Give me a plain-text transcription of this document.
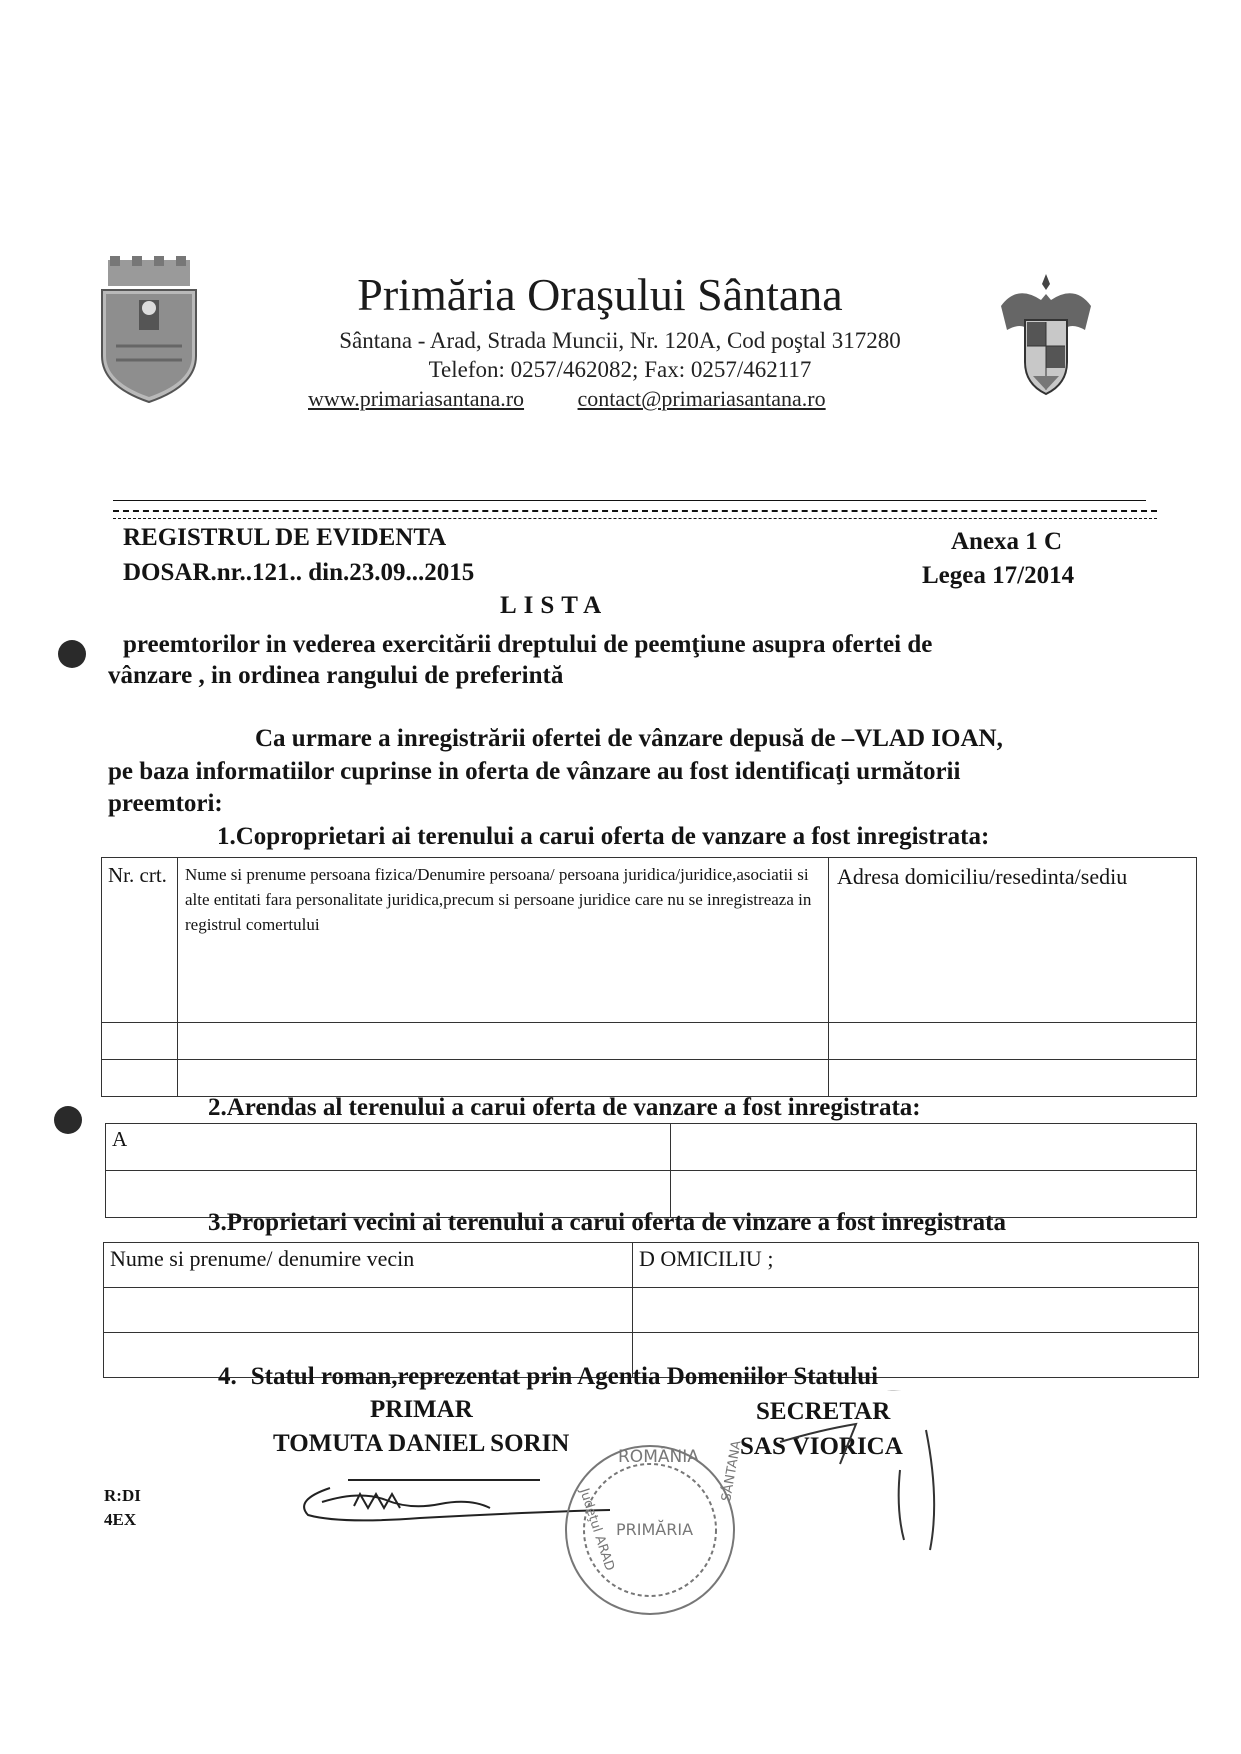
Primăria Oraşului Sântana
Sântana - Arad, Strada Muncii, Nr. 120A, Cod poştal 317280
Telefon: 0257/462082; Fax: 0257/462117
www.primariasantana.ro contact@primariasantana.ro
REGISTRUL DE EVIDENTA
DOSAR.nr..121.. din.23.09...2015
Anexa 1 C
Legea 17/2014
LISTA
preemtorilor in vederea exercitării dreptului de peemţiune asupra ofertei de
vânzare , in ordinea rangului de preferintă
Ca urmare a inregistrării ofertei de vânzare depusă de –VLAD IOAN,
pe baza informatiilor cuprinse in oferta de vânzare au fost identificaţi următorii
preemtori:
1.Coproprietari ai terenului a carui oferta de vanzare a fost inregistrata:
Nr. crt.	Nume si prenume persoana fizica/Denumire persoana/ persoana juridica/juridice,asociatii si alte entitati fara personalitate juridica,precum si persoane juridice care nu se inregistreaza in registrul comertului	Adresa domiciliu/resedinta/sediu

2.Arendas al terenului a carui oferta de vanzare a fost inregistrata:
A	

3.Proprietari vecini ai terenului a carui oferta de vinzare a fost inregistrata
Nume si prenume/ denumire vecin	D OMICILIU ;

4. Statul roman,reprezentat prin Agentia Domeniilor Statului
PRIMAR	SECRETAR
TOMUTA DANIEL SORIN	SAS VIORICA
R:DI
4EX
ROMÂNIA
PRIMĂRIA
Judeţul ARAD
SÂNTANA
